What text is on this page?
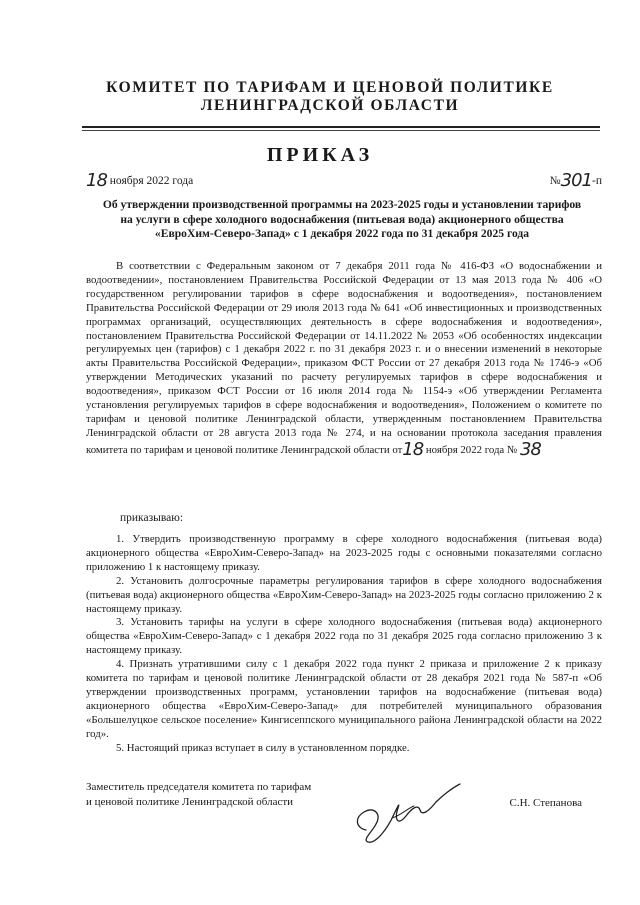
КОМИТЕТ ПО ТАРИФАМ И ЦЕНОВОЙ ПОЛИТИКЕ
ЛЕНИНГРАДСКОЙ ОБЛАСТИ
ПРИКАЗ
18 ноября 2022 года	№301-п
Об утверждении производственной программы на 2023-2025 годы и установлении тарифов
на услуги в сфере холодного водоснабжения (питьевая вода) акционерного общества
«ЕвроХим-Северо-Запад» с 1 декабря 2022 года по 31 декабря 2025 года

В соответствии с Федеральным законом от 7 декабря 2011 года № 416-ФЗ «О водоснабжении и водоотведении», постановлением Правительства Российской Федерации от 13 мая 2013 года № 406 «О государственном регулировании тарифов в сфере водоснабжения и водоотведения», постановлением Правительства Российской Федерации от 29 июля 2013 года № 641 «Об инвестиционных и производственных программах организаций, осуществляющих деятельность в сфере водоснабжения и водоотведения», постановлением Правительства Российской Федерации от 14.11.2022 № 2053 «Об особенностях индексации регулируемых цен (тарифов) с 1 декабря 2022 г. по 31 декабря 2023 г. и о внесении изменений в некоторые акты Правительства Российской Федерации», приказом ФСТ России от 27 декабря 2013 года № 1746-э «Об утверждении Методических указаний по расчету регулируемых тарифов в сфере водоснабжения и водоотведения», приказом ФСТ России от 16 июля 2014 года № 1154-э «Об утверждении Регламента установления регулируемых тарифов в сфере водоснабжения и водоотведения», Положением о комитете по тарифам и ценовой политике Ленинградской области, утвержденным постановлением Правительства Ленинградской области от 28 августа 2013 года № 274, и на основании протокола заседания правления комитета по тарифам и ценовой политике Ленинградской области от18 ноября 2022 года № 38

приказываю:

1. Утвердить производственную программу в сфере холодного водоснабжения (питьевая вода) акционерного общества «ЕвроХим-Северо-Запад» на 2023-2025 годы с основными показателями согласно приложению 1 к настоящему приказу.

2. Установить долгосрочные параметры регулирования тарифов в сфере холодного водоснабжения (питьевая вода) акционерного общества «ЕвроХим-Северо-Запад» на 2023-2025 годы согласно приложению 2 к настоящему приказу.

3. Установить тарифы на услуги в сфере холодного водоснабжения (питьевая вода) акционерного общества «ЕвроХим-Северо-Запад» с 1 декабря 2022 года по 31 декабря 2025 года согласно приложению 3 к настоящему приказу.

4. Признать утратившими силу с 1 декабря 2022 года пункт 2 приказа и приложение 2 к приказу комитета по тарифам и ценовой политике Ленинградской области от 28 декабря 2021 года № 587-п «Об утверждении производственных программ, установлении тарифов на водоснабжение (питьевая вода) акционерного общества «ЕвроХим-Северо-Запад» для потребителей муниципального образования «Большелуцкое сельское поселение» Кингисеппского муниципального района Ленинградской области на 2022 год».

5. Настоящий приказ вступает в силу в установленном порядке.

Заместитель председателя комитета по тарифам
и ценовой политике Ленинградской области	С.Н. Степанова
